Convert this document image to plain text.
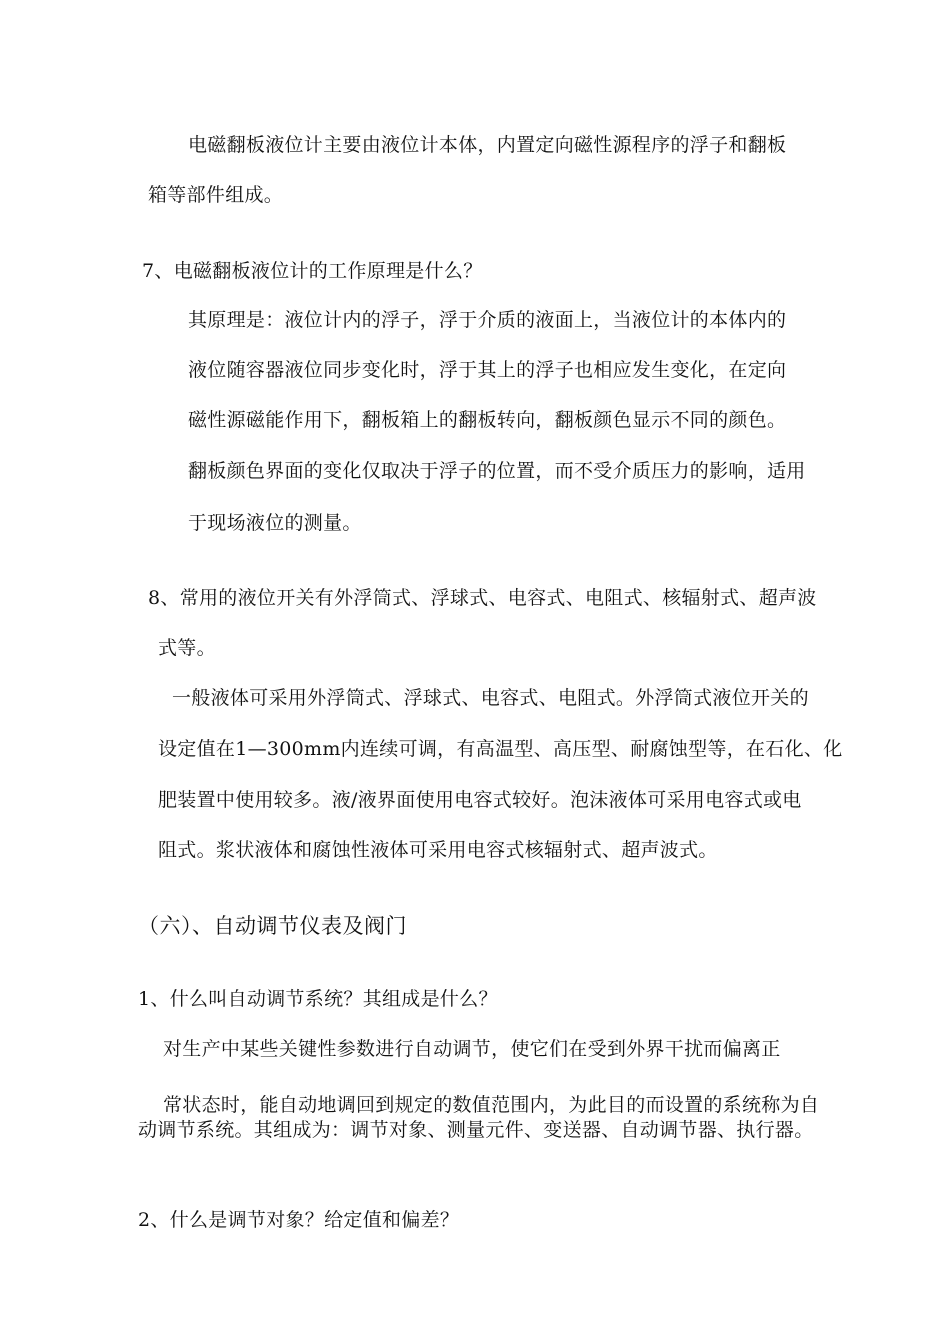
电磁翻板液位计主要由液位计本体，内置定向磁性源程序的浮子和翻板
箱等部件组成。
7、电磁翻板液位计的工作原理是什么？
其原理是：液位计内的浮子，浮于介质的液面上，当液位计的本体内的
液位随容器液位同步变化时，浮于其上的浮子也相应发生变化，在定向
磁性源磁能作用下，翻板箱上的翻板转向，翻板颜色显示不同的颜色。
翻板颜色界面的变化仅取决于浮子的位置，而不受介质压力的影响，适用
于现场液位的测量。
8、常用的液位开关有外浮筒式、浮球式、电容式、电阻式、核辐射式、超声波
式等。
一般液体可采用外浮筒式、浮球式、电容式、电阻式。外浮筒式液位开关的
设定值在1—300mm内连续可调，有高温型、高压型、耐腐蚀型等，在石化、化
肥装置中使用较多。液/液界面使用电容式较好。泡沫液体可采用电容式或电
阻式。浆状液体和腐蚀性液体可采用电容式核辐射式、超声波式。
（六）、自动调节仪表及阀门
1、什么叫自动调节系统？其组成是什么？
对生产中某些关键性参数进行自动调节，使它们在受到外界干扰而偏离正
常状态时，能自动地调回到规定的数值范围内，为此目的而设置的系统称为自
动调节系统。其组成为：调节对象、测量元件、变送器、自动调节器、执行器。
2、什么是调节对象？给定值和偏差？
